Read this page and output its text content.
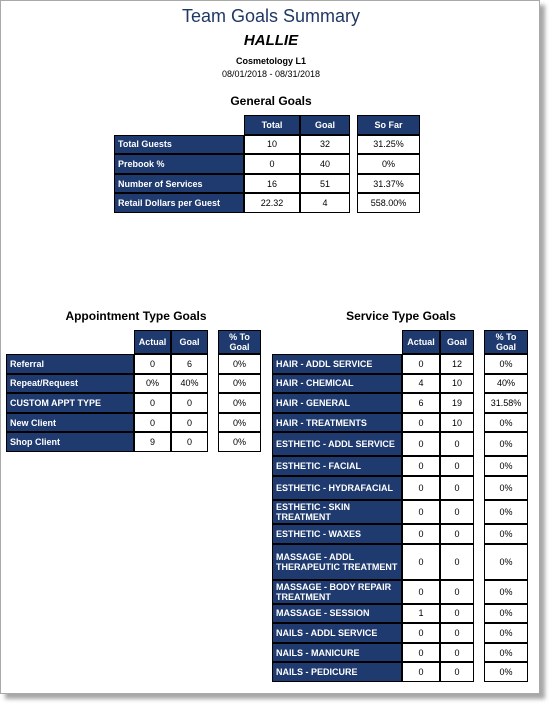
Team Goals Summary
HALLIE
Cosmetology L1
08/01/2018 - 08/31/2018
General Goals
	Total	Goal		So Far
Total Guests	10	32		31.25%
Prebook %	0	40		0%
Number of Services	16	51		31.37%
Retail Dollars per Guest	22.32	4		558.00%
Appointment Type Goals
	Actual	Goal		% To Goal
Referral	0	6		0%
Repeat/Request	0%	40%		0%
CUSTOM APPT TYPE	0	0		0%
New Client	0	0		0%
Shop Client	9	0		0%
Service Type Goals
	Actual	Goal		% To Goal
HAIR - ADDL SERVICE	0	12		0%
HAIR - CHEMICAL	4	10		40%
HAIR - GENERAL	6	19		31.58%
HAIR - TREATMENTS	0	10		0%
ESTHETIC - ADDL SERVICE	0	0		0%
ESTHETIC - FACIAL	0	0		0%
ESTHETIC - HYDRAFACIAL	0	0		0%
ESTHETIC - SKIN TREATMENT	0	0		0%
ESTHETIC - WAXES	0	0		0%
MASSAGE - ADDL THERAPEUTIC TREATMENT	0	0		0%
MASSAGE - BODY REPAIR TREATMENT	0	0		0%
MASSAGE - SESSION	1	0		0%
NAILS - ADDL SERVICE	0	0		0%
NAILS - MANICURE	0	0		0%
NAILS - PEDICURE	0	0		0%
